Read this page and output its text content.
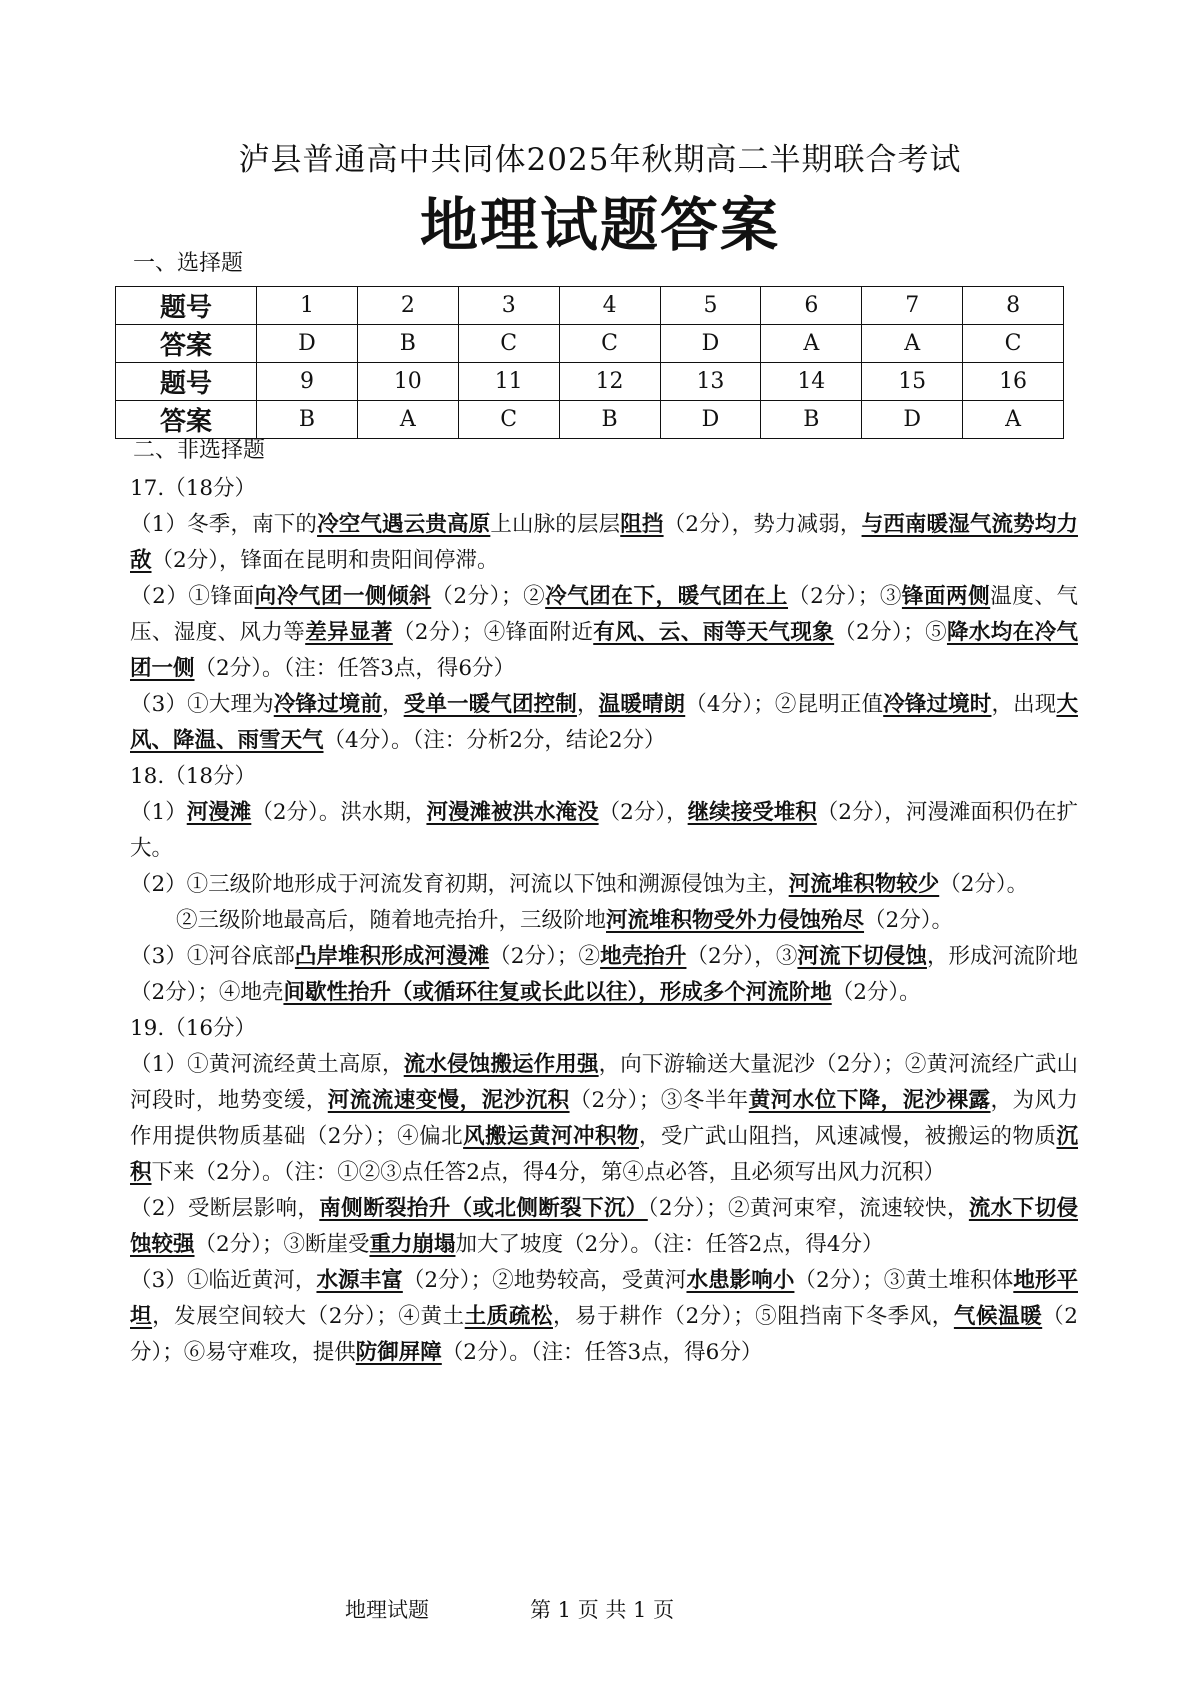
泸县普通高中共同体2025年秋期高二半期联合考试
地理试题答案
一、选择题
题号	1	2	3	4	5	6	7	8
答案	D	B	C	C	D	A	A	C
题号	9	10	11	12	13	14	15	16
答案	B	A	C	B	D	B	D	A
二、非选择题

17.（18分）

（1）冬季，南下的冷空气遇云贵高原上山脉的层层阻挡（2分），势力减弱，与西南暖湿气流势均力敌（2分），锋面在昆明和贵阳间停滞。

（2）①锋面向冷气团一侧倾斜（2分）；②冷气团在下，暖气团在上（2分）；③锋面两侧温度、气压、湿度、风力等差异显著（2分）；④锋面附近有风、云、雨等天气现象（2分）；⑤降水均在冷气团一侧（2分）。（注：任答3点，得6分）

（3）①大理为冷锋过境前，受单一暖气团控制，温暖晴朗（4分）；②昆明正值冷锋过境时，出现大风、降温、雨雪天气（4分）。（注：分析2分，结论2分）

18.（18分）

（1）河漫滩（2分）。洪水期，河漫滩被洪水淹没（2分），继续接受堆积（2分），河漫滩面积仍在扩大。

（2）①三级阶地形成于河流发育初期，河流以下蚀和溯源侵蚀为主，河流堆积物较少（2分）。

②三级阶地最高后，随着地壳抬升，三级阶地河流堆积物受外力侵蚀殆尽（2分）。

（3）①河谷底部凸岸堆积形成河漫滩（2分）；②地壳抬升（2分），③河流下切侵蚀，形成河流阶地（2分）；④地壳间歇性抬升（或循环往复或长此以往），形成多个河流阶地（2分）。

19.（16分）

（1）①黄河流经黄土高原，流水侵蚀搬运作用强，向下游输送大量泥沙（2分）；②黄河流经广武山河段时，地势变缓，河流流速变慢，泥沙沉积（2分）；③冬半年黄河水位下降，泥沙裸露，为风力作用提供物质基础（2分）；④偏北风搬运黄河冲积物，受广武山阻挡，风速减慢，被搬运的物质沉积下来（2分）。（注：①②③点任答2点，得4分，第④点必答，且必须写出风力沉积）

（2）受断层影响，南侧断裂抬升（或北侧断裂下沉）（2分）；②黄河束窄，流速较快，流水下切侵蚀较强（2分）；③断崖受重力崩塌加大了坡度（2分）。（注：任答2点，得4分）

（3）①临近黄河，水源丰富（2分）；②地势较高，受黄河水患影响小（2分）；③黄土堆积体地形平坦，发展空间较大（2分）；④黄土土质疏松，易于耕作（2分）；⑤阻挡南下冬季风，气候温暖（2分）；⑥易守难攻，提供防御屏障（2分）。（注：任答3点，得6分）

地理试题	第 1 页 共 1 页
